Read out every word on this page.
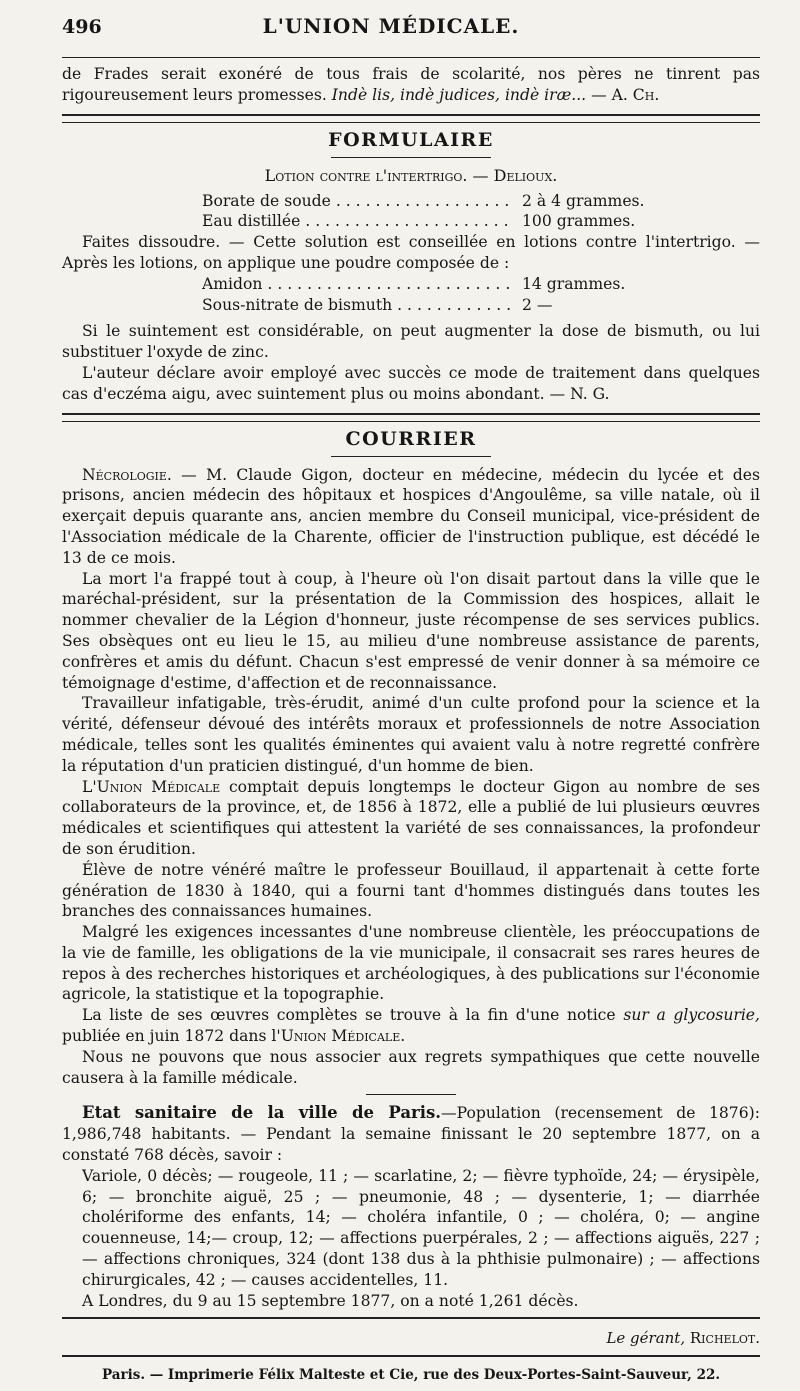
496	L'UNION MÉDICALE.

de Frades serait exonéré de tous frais de scolarité, nos pères ne tinrent pas rigoureusement leurs promesses. Indè lis, indè judices, indè iræ... — A. Ch.

FORMULAIRE
Lotion contre l'intertrigo. — Delioux.
Borate de soude . . .	2 à 4 grammes.
Eau distillée . . .	100 grammes.

Faites dissoudre. — Cette solution est conseillée en lotions contre l'intertrigo. — Après les lotions, on applique une poudre composée de :

Amidon . . .	14 grammes.
Sous-nitrate de bismuth . . .	2 —

Si le suintement est considérable, on peut augmenter la dose de bismuth, ou lui substituer l'oxyde de zinc.

L'auteur déclare avoir employé avec succès ce mode de traitement dans quelques cas d'eczéma aigu, avec suintement plus ou moins abondant. — N. G.

COURRIER

Nécrologie. — M. Claude Gigon, docteur en médecine, médecin du lycée et des prisons, ancien médecin des hôpitaux et hospices d'Angoulême, sa ville natale, où il exerçait depuis quarante ans, ancien membre du Conseil municipal, vice-président de l'Association médicale de la Charente, officier de l'instruction publique, est décédé le 13 de ce mois.

La mort l'a frappé tout à coup, à l'heure où l'on disait partout dans la ville que le maréchal-président, sur la présentation de la Commission des hospices, allait le nommer chevalier de la Légion d'honneur, juste récompense de ses services publics. Ses obsèques ont eu lieu le 15, au milieu d'une nombreuse assistance de parents, confrères et amis du défunt. Chacun s'est empressé de venir donner à sa mémoire ce témoignage d'estime, d'affection et de reconnaissance.

Travailleur infatigable, très-érudit, animé d'un culte profond pour la science et la vérité, défenseur dévoué des intérêts moraux et professionnels de notre Association médicale, telles sont les qualités éminentes qui avaient valu à notre regretté confrère la réputation d'un praticien distingué, d'un homme de bien.

L'Union Médicale comptait depuis longtemps le docteur Gigon au nombre de ses collaborateurs de la province, et, de 1856 à 1872, elle a publié de lui plusieurs œuvres médicales et scientifiques qui attestent la variété de ses connaissances, la profondeur de son érudition.

Élève de notre vénéré maître le professeur Bouillaud, il appartenait à cette forte génération de 1830 à 1840, qui a fourni tant d'hommes distingués dans toutes les branches des connaissances humaines.

Malgré les exigences incessantes d'une nombreuse clientèle, les préoccupations de la vie de famille, les obligations de la vie municipale, il consacrait ses rares heures de repos à des recherches historiques et archéologiques, à des publications sur l'économie agricole, la statistique et la topographie.

La liste de ses œuvres complètes se trouve à la fin d'une notice sur a glycosurie, publiée en juin 1872 dans l'Union Médicale.

Nous ne pouvons que nous associer aux regrets sympathiques que cette nouvelle causera à la famille médicale.

Etat sanitaire de la ville de Paris.—Population (recensement de 1876): 1,986,748 habitants. — Pendant la semaine finissant le 20 septembre 1877, on a constaté 768 décès, savoir :

Variole, 0 décès; — rougeole, 11 ; — scarlatine, 2; — fièvre typhoïde, 24; — érysipèle, 6; — bronchite aiguë, 25 ; — pneumonie, 48 ; — dysenterie, 1; — diarrhée cholériforme des enfants, 14; — choléra infantile, 0 ; — choléra, 0; — angine couenneuse, 14;— croup, 12; — affections puerpérales, 2 ; — affections aiguës, 227 ; — affections chroniques, 324 (dont 138 dus à la phthisie pulmonaire) ; — affections chirurgicales, 42 ; — causes accidentelles, 11.

A Londres, du 9 au 15 septembre 1877, on a noté 1,261 décès.

Le gérant, Richelot.
Paris. — Imprimerie Félix Malteste et Cie, rue des Deux-Portes-Saint-Sauveur, 22.
